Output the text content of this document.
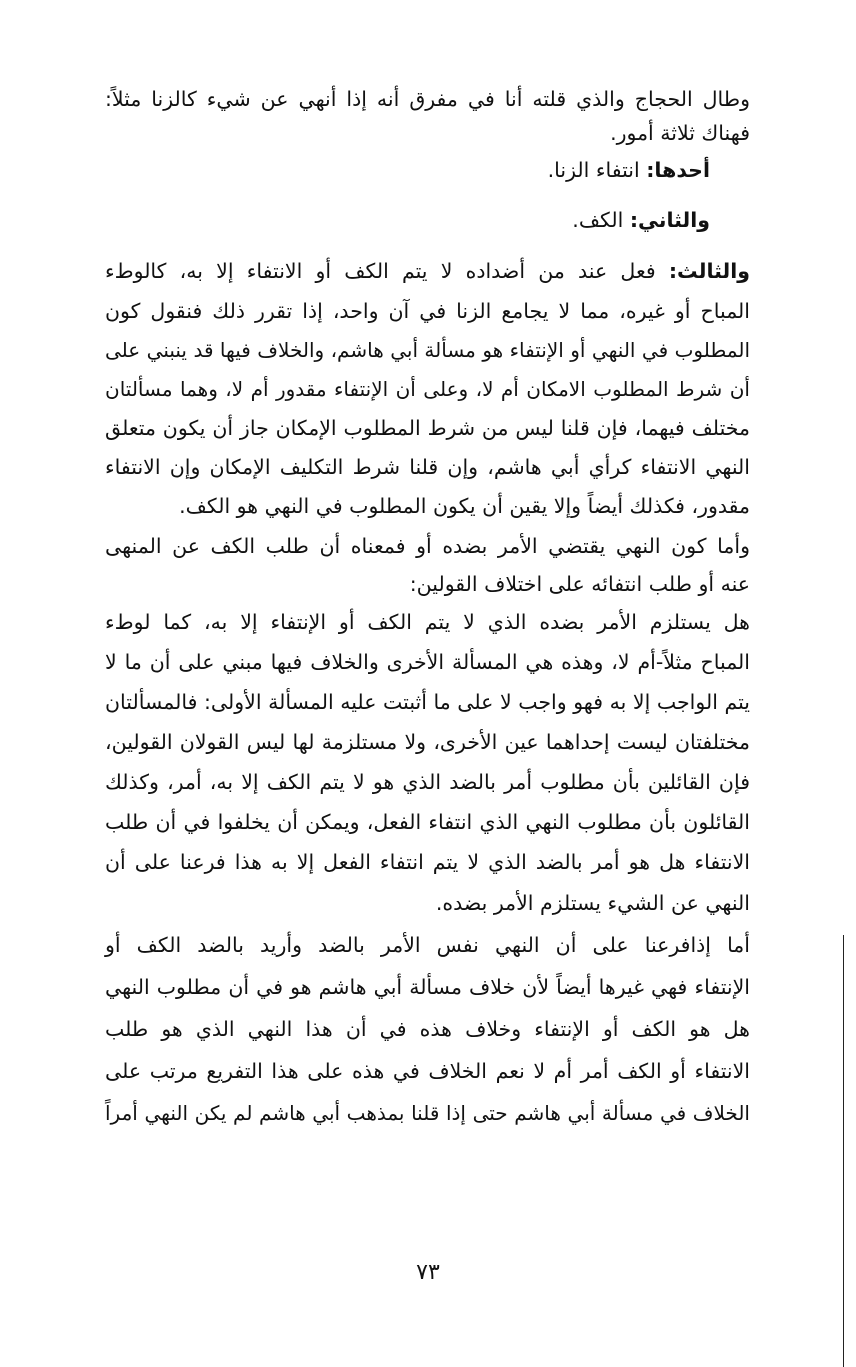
وطال الحجاج والذي قلته أنا في مفرق أنه إذا أنهي عن شيء كالزنا مثلاً:
فهناك ثلاثة أمور.
أحدها: انتفاء الزنا.
والثاني: الكف.
والثالث: فعل عند من أضداده لا يتم الكف أو الانتفاء إلا به، كالوطء
المباح أو غيره، مما لا يجامع الزنا في آن واحد، إذا تقرر ذلك فنقول كون
المطلوب في النهي أو الإنتفاء هو مسألة أبي هاشم، والخلاف فيها قد ينبني على
أن شرط المطلوب الامكان أم لا، وعلى أن الإنتفاء مقدور أم لا، وهما مسألتان
مختلف فيهما، فإن قلنا ليس من شرط المطلوب الإمكان جاز أن يكون متعلق
النهي الانتفاء كرأي أبي هاشم، وإن قلنا شرط التكليف الإمكان وإن الانتفاء
مقدور، فكذلك أيضاً وإلا يقين أن يكون المطلوب في النهي هو الكف.
وأما كون النهي يقتضي الأمر بضده أو فمعناه أن طلب الكف عن المنهى
عنه أو طلب انتفائه على اختلاف القولين:
هل يستلزم الأمر بضده الذي لا يتم الكف أو الإنتفاء إلا به، كما لوطء
المباح مثلاً-أم لا، وهذه هي المسألة الأخرى والخلاف فيها مبني على أن ما لا
يتم الواجب إلا به فهو واجب لا على ما أثبتت عليه المسألة الأولى: فالمسألتان
مختلفتان ليست إحداهما عين الأخرى، ولا مستلزمة لها ليس القولان القولين،
فإن القائلين بأن مطلوب أمر بالضد الذي هو لا يتم الكف إلا به، أمر، وكذلك
القائلون بأن مطلوب النهي الذي انتفاء الفعل، ويمكن أن يخلفوا في أن طلب
الانتفاء هل هو أمر بالضد الذي لا يتم انتفاء الفعل إلا به هذا فرعنا على أن
النهي عن الشيء يستلزم الأمر بضده.
أما إذافرعنا على أن النهي نفس الأمر بالضد وأريد بالضد الكف أو
الإنتفاء فهي غيرها أيضاً لأن خلاف مسألة أبي هاشم هو في أن مطلوب النهي
هل هو الكف أو الإنتفاء وخلاف هذه في أن هذا النهي الذي هو طلب
الانتفاء أو الكف أمر أم لا نعم الخلاف في هذه على هذا التفريع مرتب على
الخلاف في مسألة أبي هاشم حتى إذا قلنا بمذهب أبي هاشم لم يكن النهي أمراً
٧٣
